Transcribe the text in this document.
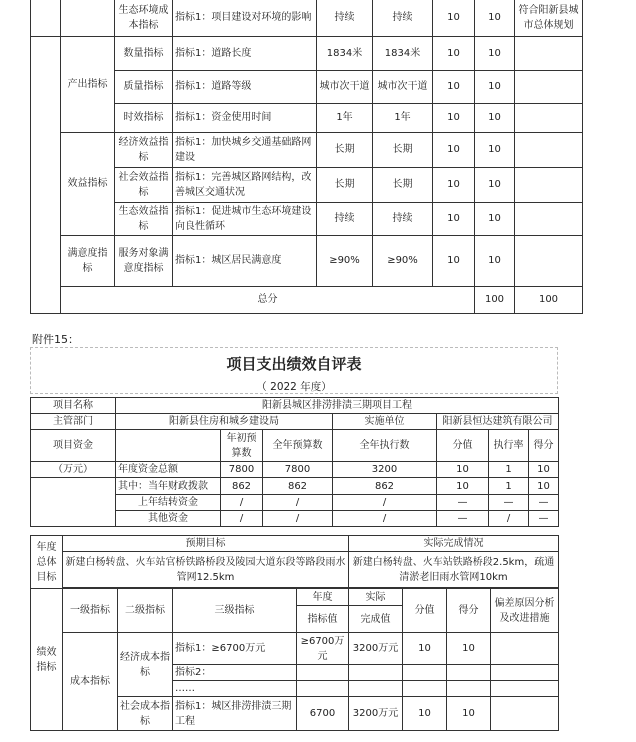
		生态环境成本指标	指标1：项目建设对环境的影响	持续	持续	10	10	符合阳新县城市总体规划	
	产出指标	数量指标	指标1：道路长度	1834米	1834米	10	10		
		质量指标	指标1：道路等级	城市次干道	城市次干道	10	10		
		时效指标	指标1：资金使用时间	1年	1年	10	10		
	效益指标	经济效益指标	指标1：加快城乡交通基础路网建设	长期	长期	10	10		
		社会效益指标	指标1：完善城区路网结构，改善城区交通状况	长期	长期	10	10		
		生态效益指标	指标1：促进城市生态环境建设向良性循环	持续	持续	10	10		
	满意度指标	服务对象满意度指标	指标1：城区居民满意度	≥90%	≥90%	10	10		
	总分						100	100	
附件15：
项目支出绩效自评表
（ 2022 年度）
项目名称	阳新县城区排涝排渍三期项目工程						
主管部门	阳新县住房和城乡建设局			实施单位	阳新县恒达建筑有限公司		
项目资金		年初预算数	全年预算数	全年执行数	分值	执行率	得分
（万元）	年度资金总额	7800	7800	3200	10	1	10
	其中：当年财政拨款	862	862	862	10	1	10
	上年结转资金	/	/	/	—	—	—
	其他资金	/	/	/	—	/	—
年度总体目标	预期目标				实际完成情况			
	新建白杨转盘、火车站官桥铁路桥段及陵园大道东段等路段雨水管网12.5km				新建白杨转盘、火车站铁路桥段2.5km，疏通清淤老旧雨水管网10km			

绩效指标	一级指标	二级指标	三级指标	年度	实际	分值	得分	偏差原因分析及改进措施
				指标值	完成值			
	成本指标	经济成本指标	指标1：≥6700万元	≥6700万元	3200万元	10	10	
			指标2：					
			……					
		社会成本指标	指标1：城区排涝排渍三期工程	6700	3200万元	10	10	
